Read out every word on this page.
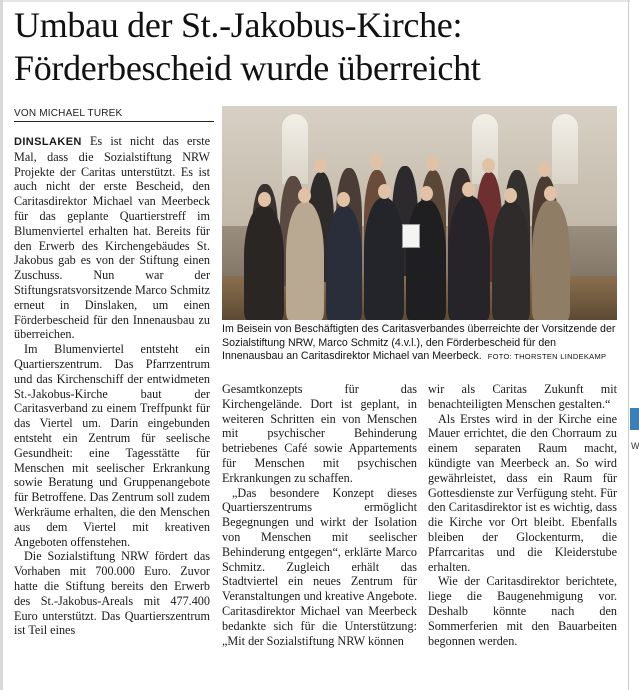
Umbau der St.-Jakobus-Kirche:
Förderbescheid wurde überreicht
VON MICHAEL TUREK
Im Beisein von Beschäftigten des Caritasverbandes überreichte der Vorsitzende der Sozialstiftung NRW, Marco Schmitz (4.v.l.), den Förderbescheid für den Innenausbau an Caritasdirektor Michael van Meerbeck. FOTO: THORSTEN LINDEKAMP

DINSLAKEN Es ist nicht das erste Mal, dass die Sozialstiftung NRW Projekte der Caritas unterstützt. Es ist auch nicht der erste Bescheid, den Caritasdirektor Michael van Meerbeck für das geplante Quartierstreff im Blumenviertel erhalten hat. Bereits für den Erwerb des Kirchengebäudes St. Jakobus gab es von der Stiftung einen Zuschuss. Nun war der Stiftungsratsvorsitzende Marco Schmitz erneut in Dinslaken, um einen Förderbescheid für den Innenausbau zu überreichen.

Im Blumenviertel entsteht ein Quartierszentrum. Das Pfarrzentrum und das Kirchenschiff der entwidmeten St.-Jakobus-Kirche baut der Caritasverband zu einem Treffpunkt für das Viertel um. Darin eingebunden entsteht ein Zentrum für seelische Gesundheit: eine Tagesstätte für Menschen mit seelischer Erkrankung sowie Beratung und Gruppenangebote für Betroffene. Das Zentrum soll zudem Werkräume erhalten, die den Menschen aus dem Viertel mit kreativen Angeboten offenstehen.

Die Sozialstiftung NRW fördert das Vorhaben mit 700.000 Euro. Zuvor hatte die Stiftung bereits den Erwerb des St.-Jakobus-Areals mit 477.400 Euro unterstützt. Das Quartierszentrum ist Teil eines

Gesamtkonzepts für das Kirchengelände. Dort ist geplant, in weiteren Schritten ein von Menschen mit psychischer Behinderung betriebenes Café sowie Appartements für Menschen mit psychischen Erkrankungen zu schaffen.

„Das besondere Konzept dieses Quartierszentrums ermöglicht Begegnungen und wirkt der Isolation von Menschen mit seelischer Behinderung entgegen“, erklärte Marco Schmitz. Zugleich erhält das Stadtviertel ein neues Zentrum für Veranstaltungen und kreative Angebote. Caritasdirektor Michael van Meerbeck bedankte sich für die Unterstützung: „Mit der Sozialstiftung NRW können

wir als Caritas Zukunft mit benachteiligten Menschen gestalten.“

Als Erstes wird in der Kirche eine Mauer errichtet, die den Chorraum zu einem separaten Raum macht, kündigte van Meerbeck an. So wird gewährleistet, dass ein Raum für Gottesdienste zur Verfügung steht. Für den Caritasdirektor ist es wichtig, dass die Kirche vor Ort bleibt. Ebenfalls bleiben der Glockenturm, die Pfarrcaritas und die Kleiderstube erhalten.

Wie der Caritasdirektor berichtete, liege die Baugenehmigung vor. Deshalb könnte nach den Sommerferien mit den Bauarbeiten begonnen werden.

W
